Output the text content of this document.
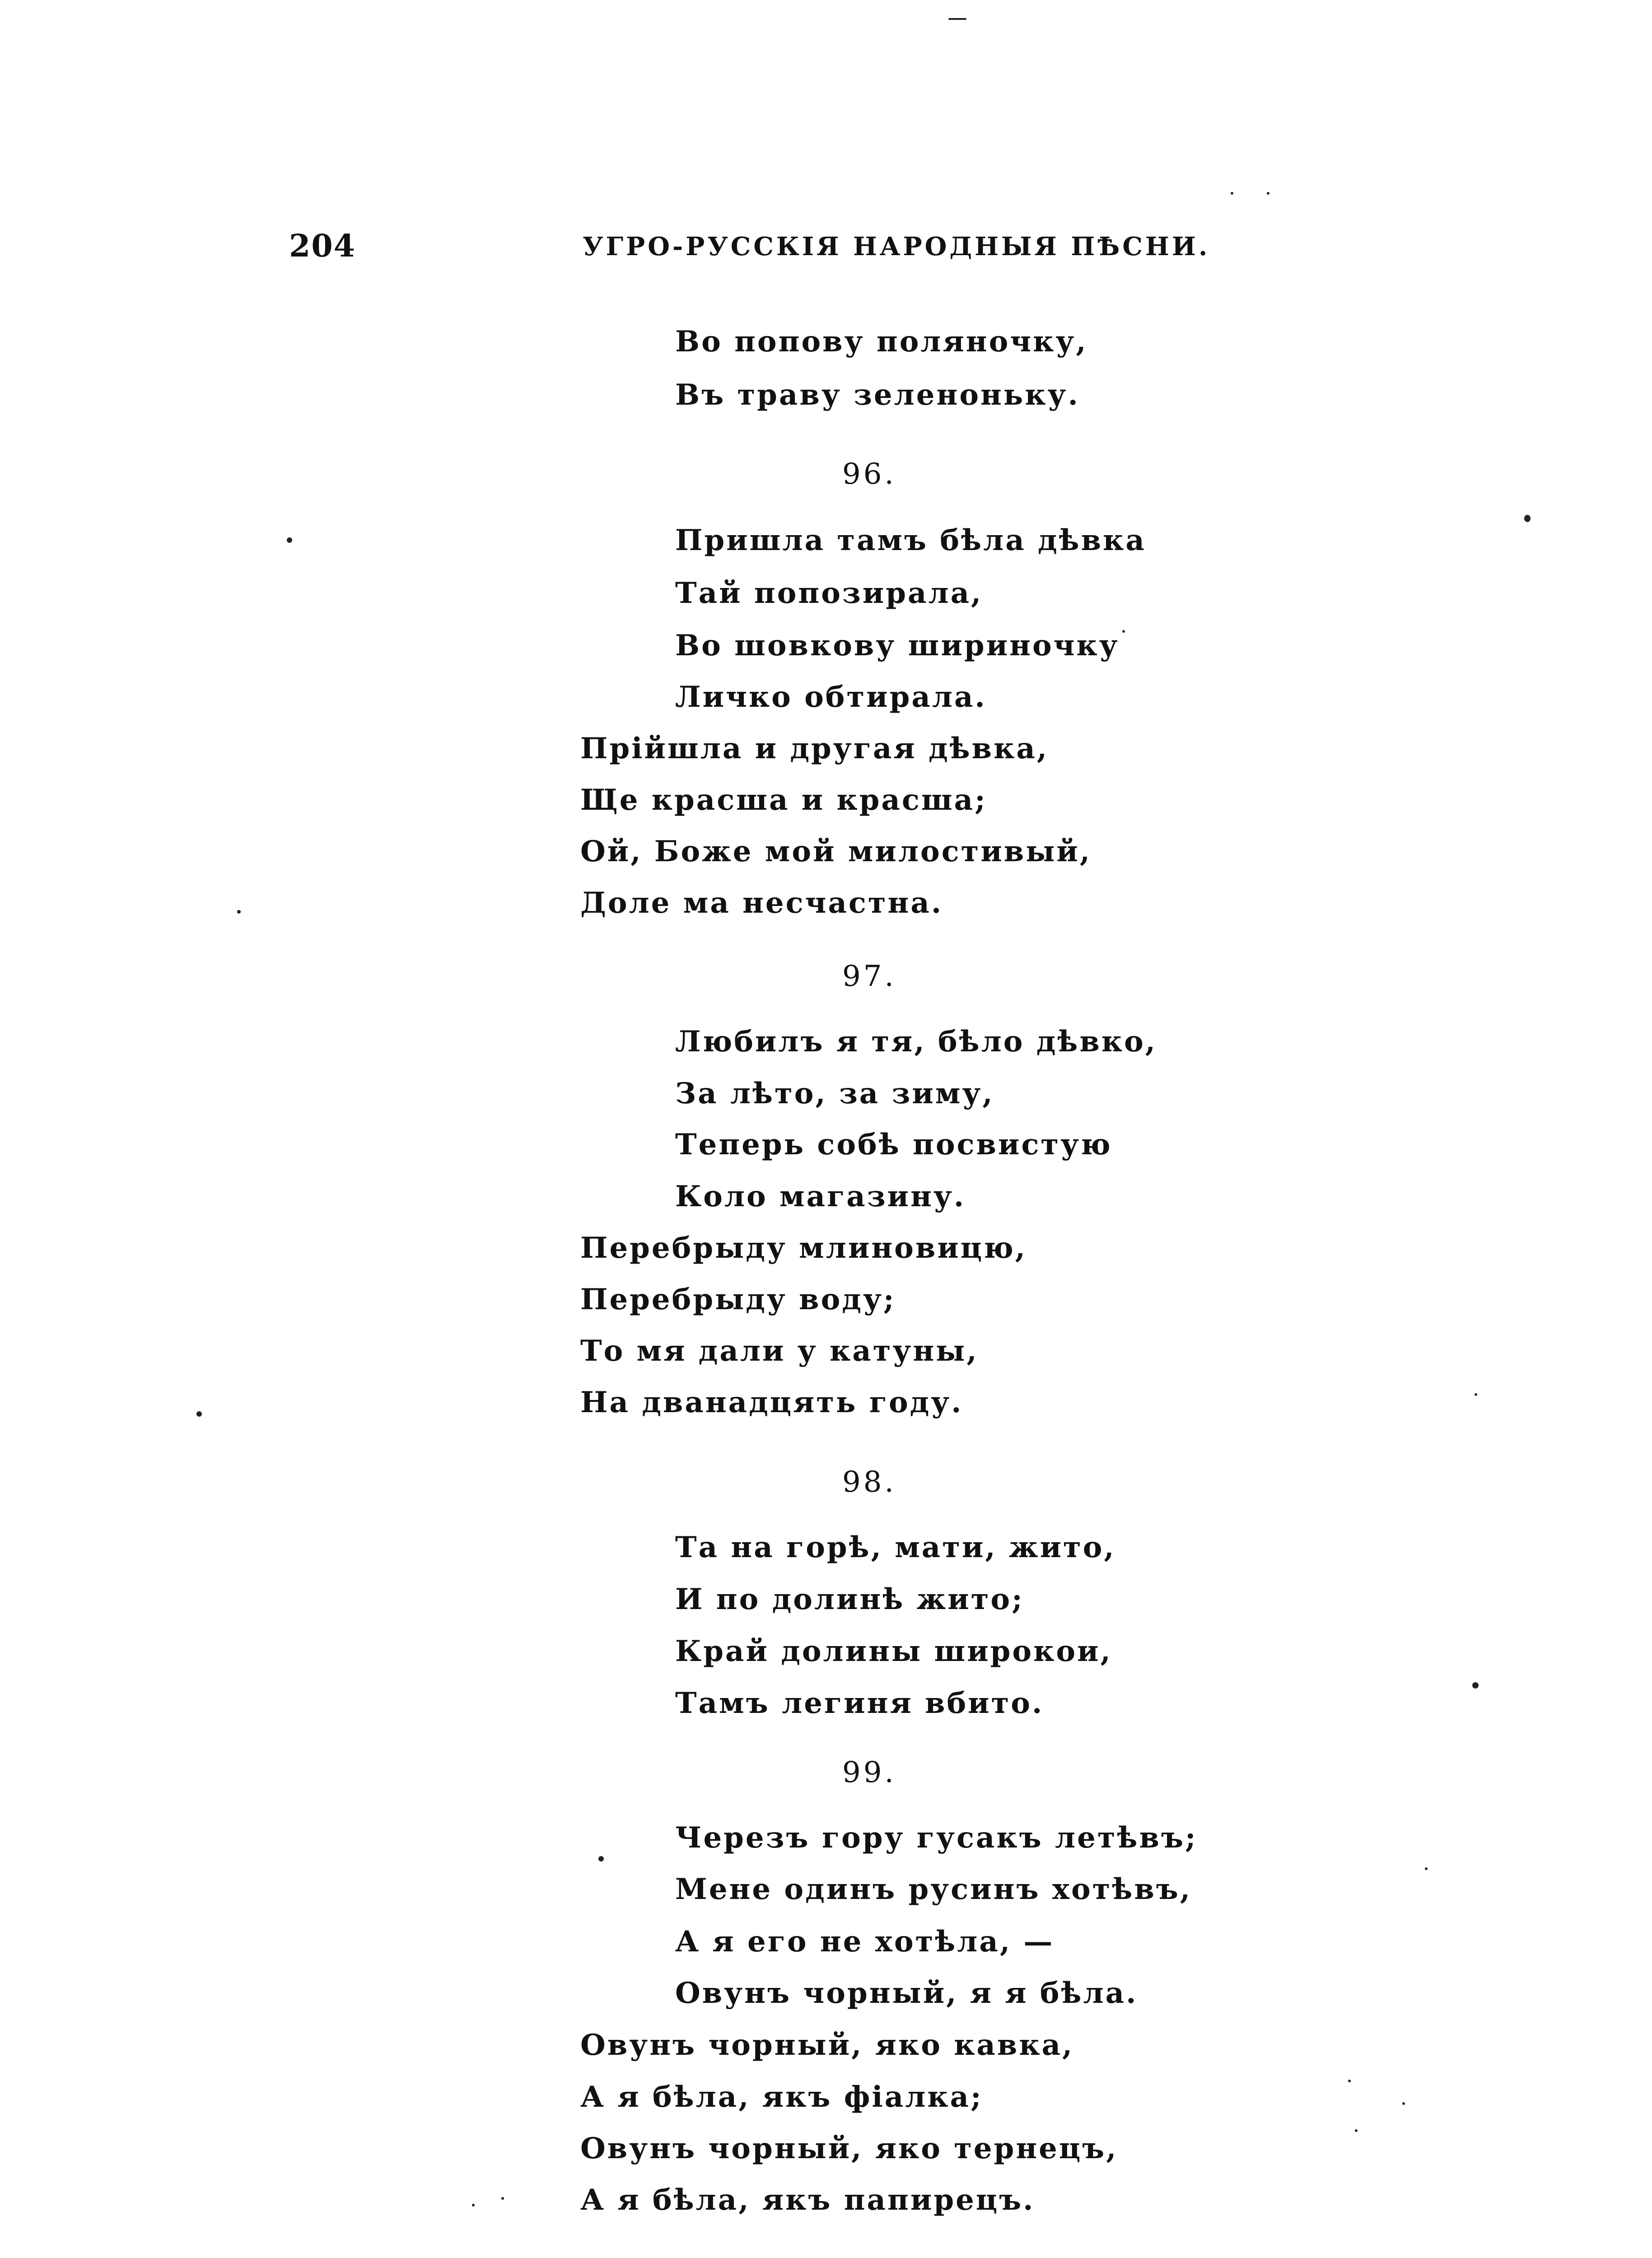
204	УГРО-РУССКІЯ НАРОДНЫЯ ПѢСНИ.
Во попову поляночку,
Въ траву зеленоньку.
96.
Пришла тамъ бѣла дѣвка
Тай попозирала,
Во шовкову шириночку
Личко обтирала.
Прійшла и другая дѣвка,
Ще красша и красша;
Ой, Боже мой милостивый,
Доле ма несчастна.
97.
Любилъ я тя, бѣло дѣвко,
За лѣто, за зиму,
Теперь собѣ посвистую
Коло магазину.
Перебрыду млиновицю,
Перебрыду воду;
То мя дали у катуны,
На дванадцять году.
98.
Та на горѣ, мати, жито,
И по долинѣ жито;
Край долины широкои,
Тамъ легиня вбито.
99.
Черезъ гору гусакъ летѣвъ;
Мене одинъ русинъ хотѣвъ,
А я его не хотѣла, —
Овунъ чорный, я я бѣла.
Овунъ чорный, яко кавка,
А я бѣла, якъ фіалка;
Овунъ чорный, яко тернецъ,
А я бѣла, якъ папирецъ.
